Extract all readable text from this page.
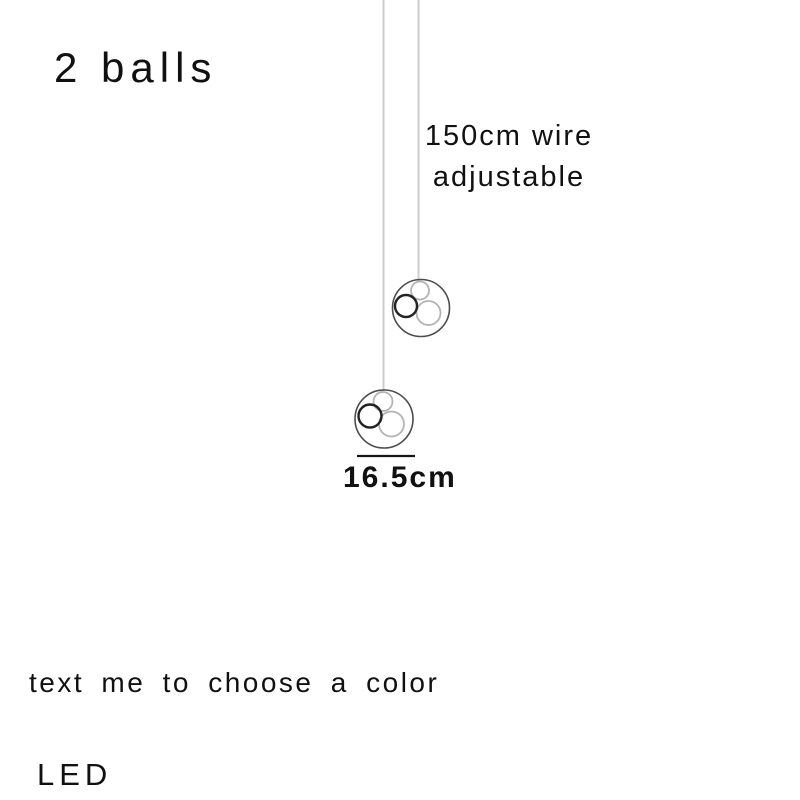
2 balls
150cm wire
adjustable
16.5cm
text me to choose a color
LED
